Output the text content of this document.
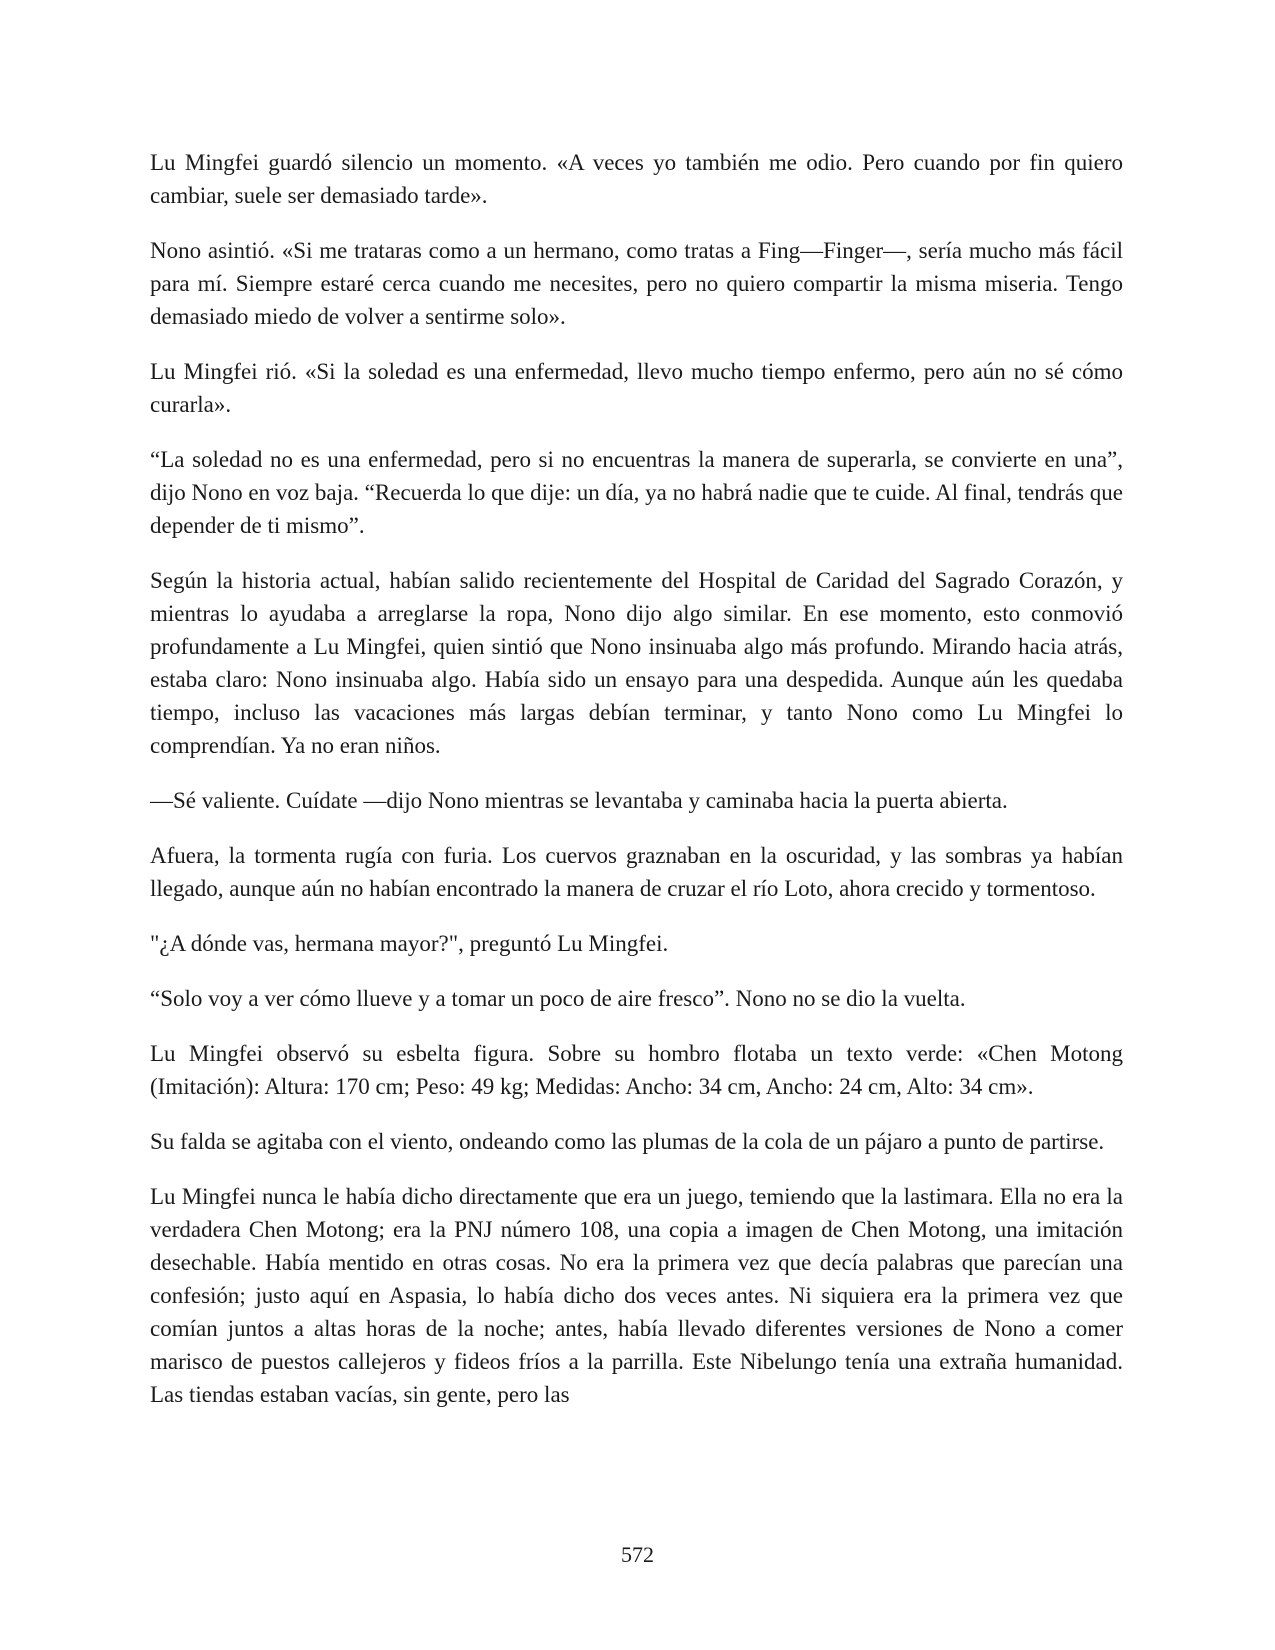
Lu Mingfei guardó silencio un momento. «A veces yo también me odio. Pero cuando por fin quiero cambiar, suele ser demasiado tarde».

Nono asintió. «Si me trataras como a un hermano, como tratas a Fing—Finger—, sería mucho más fácil para mí. Siempre estaré cerca cuando me necesites, pero no quiero compartir la misma miseria. Tengo demasiado miedo de volver a sentirme solo».

Lu Mingfei rió. «Si la soledad es una enfermedad, llevo mucho tiempo enfermo, pero aún no sé cómo curarla».

“La soledad no es una enfermedad, pero si no encuentras la manera de superarla, se convierte en una”, dijo Nono en voz baja. “Recuerda lo que dije: un día, ya no habrá nadie que te cuide. Al final, tendrás que depender de ti mismo”.

Según la historia actual, habían salido recientemente del Hospital de Caridad del Sagrado Corazón, y mientras lo ayudaba a arreglarse la ropa, Nono dijo algo similar. En ese momento, esto conmovió profundamente a Lu Mingfei, quien sintió que Nono insinuaba algo más profundo. Mirando hacia atrás, estaba claro: Nono insinuaba algo. Había sido un ensayo para una despedida. Aunque aún les quedaba tiempo, incluso las vacaciones más largas debían terminar, y tanto Nono como Lu Mingfei lo comprendían. Ya no eran niños.

—Sé valiente. Cuídate —dijo Nono mientras se levantaba y caminaba hacia la puerta abierta.

Afuera, la tormenta rugía con furia. Los cuervos graznaban en la oscuridad, y las sombras ya habían llegado, aunque aún no habían encontrado la manera de cruzar el río Loto, ahora crecido y tormentoso.

"¿A dónde vas, hermana mayor?", preguntó Lu Mingfei.

“Solo voy a ver cómo llueve y a tomar un poco de aire fresco”. Nono no se dio la vuelta.

Lu Mingfei observó su esbelta figura. Sobre su hombro flotaba un texto verde: «Chen Motong (Imitación): Altura: 170 cm; Peso: 49 kg; Medidas: Ancho: 34 cm, Ancho: 24 cm, Alto: 34 cm».

Su falda se agitaba con el viento, ondeando como las plumas de la cola de un pájaro a punto de partirse.

Lu Mingfei nunca le había dicho directamente que era un juego, temiendo que la lastimara. Ella no era la verdadera Chen Motong; era la PNJ número 108, una copia a imagen de Chen Motong, una imitación desechable. Había mentido en otras cosas. No era la primera vez que decía palabras que parecían una confesión; justo aquí en Aspasia, lo había dicho dos veces antes. Ni siquiera era la primera vez que comían juntos a altas horas de la noche; antes, había llevado diferentes versiones de Nono a comer marisco de puestos callejeros y fideos fríos a la parrilla. Este Nibelungo tenía una extraña humanidad. Las tiendas estaban vacías, sin gente, pero las

572
